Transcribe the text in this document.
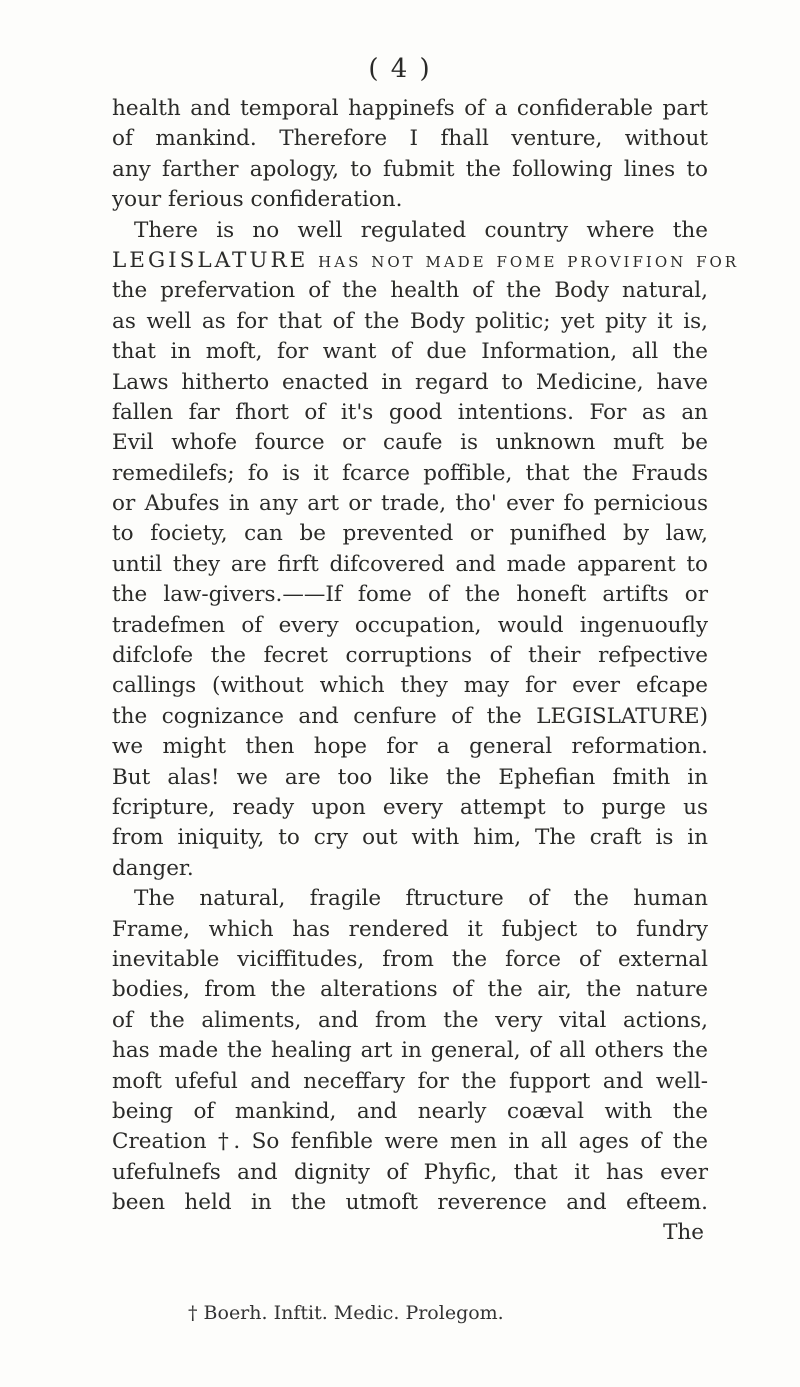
( 4 )
health and temporal happinefs of a confiderable part
of mankind. Therefore I fhall venture, without
any farther apology, to fubmit the following lines to
your ferious confideration.
There is no well regulated country where the
LEGISLATURE has not made fome provifion for
the prefervation of the health of the Body natural,
as well as for that of the Body politic; yet pity it is,
that in moft, for want of due Information, all the
Laws hitherto enacted in regard to Medicine, have
fallen far fhort of it's good intentions. For as an
Evil whofe fource or caufe is unknown muft be
remedilefs; fo is it fcarce poffible, that the Frauds
or Abufes in any art or trade, tho' ever fo pernicious
to fociety, can be prevented or punifhed by law,
until they are firft difcovered and made apparent to
the law-givers.——If fome of the honeft artifts or
tradefmen of every occupation, would ingenuoufly
difclofe the fecret corruptions of their refpective
callings (without which they may for ever efcape
the cognizance and cenfure of the LEGISLATURE)
we might then hope for a general reformation.
But alas! we are too like the Ephefian fmith in
fcripture, ready upon every attempt to purge us
from iniquity, to cry out with him, The craft is in
danger.
The natural, fragile ftructure of the human
Frame, which has rendered it fubject to fundry
inevitable viciffitudes, from the force of external
bodies, from the alterations of the air, the nature
of the aliments, and from the very vital actions,
has made the healing art in general, of all others the
moft ufeful and neceffary for the fupport and well-
being of mankind, and nearly coæval with the
Creation †. So fenfible were men in all ages of the
ufefulnefs and dignity of Phyfic, that it has ever
been held in the utmoft reverence and efteem.
The
† Boerh. Inftit. Medic. Prolegom.
